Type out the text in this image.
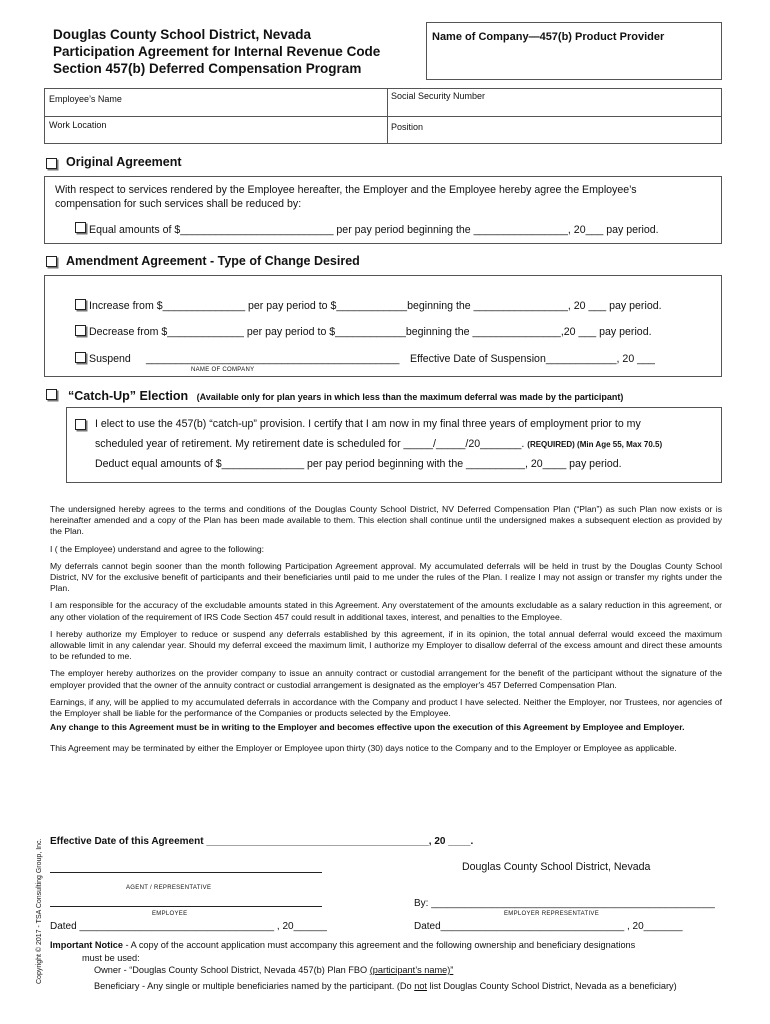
Douglas County School District, Nevada
Participation Agreement for Internal Revenue Code
Section 457(b) Deferred Compensation Program
Name of Company—457(b) Product Provider
Employee’s Name	Social Security Number
Work Location	Position
Original Agreement
With respect to services rendered by the Employee hereafter, the Employer and the Employee hereby agree the Employee’s
compensation for such services shall be reduced by:
Equal amounts of $__________________________ per pay period beginning the ________________, 20___ pay period.
Amendment Agreement - Type of Change Desired
Increase from $______________ per pay period to $____________beginning the ________________, 20 ___ pay period.
Decrease from $_____________ per pay period to $____________beginning the _______________,20 ___ pay period.
Suspend ___________________________________________ Effective Date of Suspension____________, 20 ___
NAME OF COMPANY
“Catch-Up” Election (Available only for plan years in which less than the maximum deferral was made by the participant)
I elect to use the 457(b) “catch-up” provision. I certify that I am now in my final three years of employment prior to my
scheduled year of retirement. My retirement date is scheduled for _____/_____/20_______. (REQUIRED) (Min Age 55, Max 70.5)
Deduct equal amounts of $______________ per pay period beginning with the __________, 20____ pay period.
The undersigned hereby agrees to the terms and conditions of the Douglas County School District, NV Deferred Compensation Plan (“Plan”) as such Plan now exists or is hereinafter amended and a copy of the Plan has been made available to them. This election shall continue until the undersigned makes a subsequent election as provided by the Plan.
I ( the Employee) understand and agree to the following:
My deferrals cannot begin sooner than the month following Participation Agreement approval. My accumulated deferrals will be held in trust by the Douglas County School District, NV for the exclusive benefit of participants and their beneficiaries until paid to me under the rules of the Plan. I realize I may not assign or transfer my rights under the Plan.
I am responsible for the accuracy of the excludable amounts stated in this Agreement. Any overstatement of the amounts excludable as a salary reduction in this agreement, or any other violation of the requirement of IRS Code Section 457 could result in additional taxes, interest, and penalties to the Employee.
I hereby authorize my Employer to reduce or suspend any deferrals established by this agreement, if in its opinion, the total annual deferral would exceed the maximum allowable limit in any calendar year. Should my deferral exceed the maximum limit, I authorize my Employer to disallow deferral of the excess amount and direct these amounts to be refunded to me.
The employer hereby authorizes on the provider company to issue an annuity contract or custodial arrangement for the benefit of the participant without the signature of the employer provided that the owner of the annuity contract or custodial arrangement is designated as the employer's 457 Deferred Compensation Plan.
Earnings, if any, will be applied to my accumulated deferrals in accordance with the Company and product I have selected. Neither the Employer, nor Trustees, nor agencies of the Employer shall be liable for the performance of the Companies or products selected by the Employee.
Any change to this Agreement must be in writing to the Employer and becomes effective upon the execution of this Agreement by Employee and Employer.
This Agreement may be terminated by either the Employer or Employee upon thirty (30) days notice to the Company and to the Employer or Employee as applicable.
Effective Date of this Agreement ________________________________________, 20 ____.
AGENT / REPRESENTATIVE
Douglas County School District, Nevada
EMPLOYEE
By: ___________________________________________________
EMPLOYER REPRESENTATIVE
Dated ___________________________________ , 20______	Dated_________________________________ , 20_______
Important Notice - A copy of the account application must accompany this agreement and the following ownership and beneficiary designations
must be used:
Owner - “Douglas County School District, Nevada 457(b) Plan FBO (participant’s name)”
Beneficiary - Any single or multiple beneficiaries named by the participant. (Do not list Douglas County School District, Nevada as a beneficiary)
Copyright © 2017 - TSA Consulting Group, Inc.
